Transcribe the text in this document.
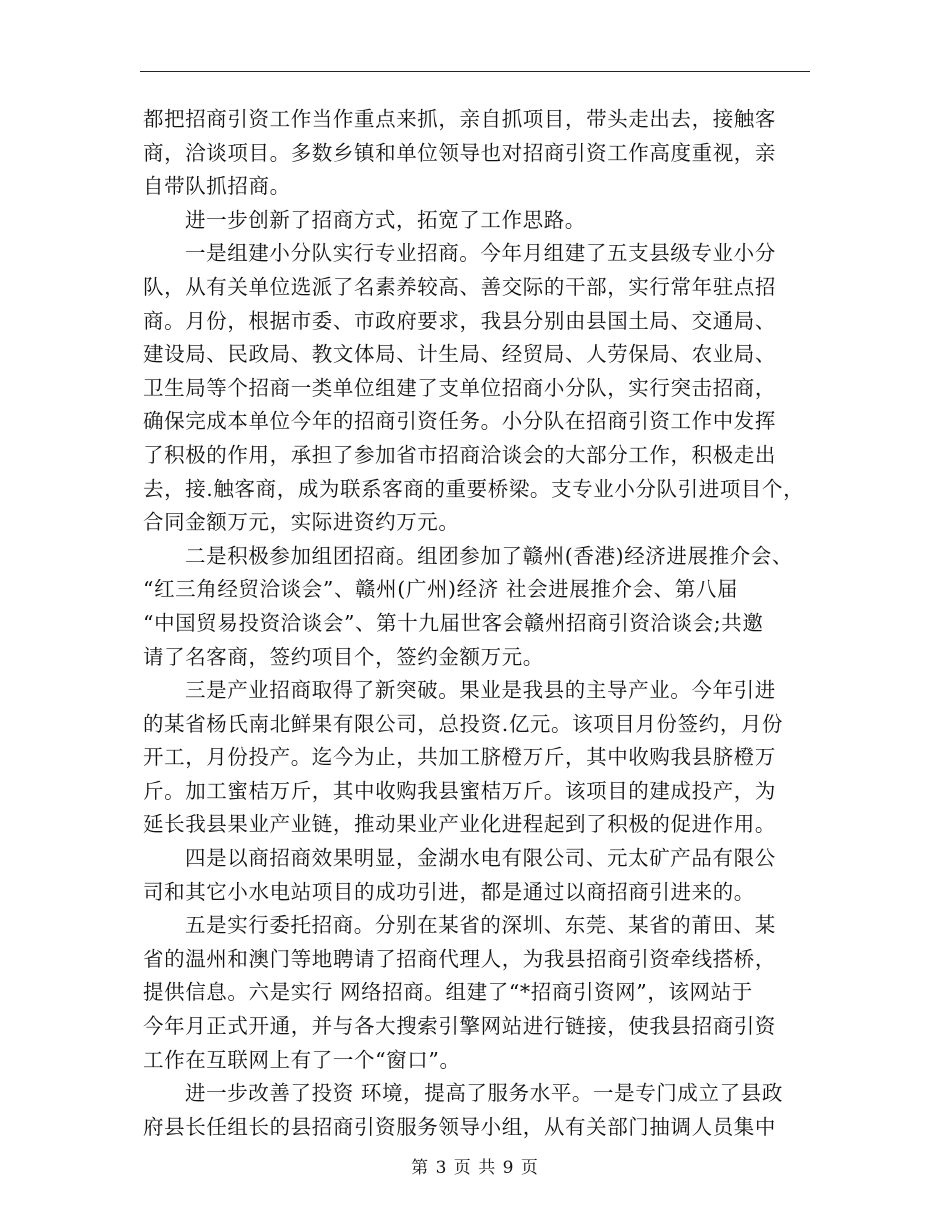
都把招商引资工作当作重点来抓，亲自抓项目，带头走出去，接触客
商，洽谈项目。多数乡镇和单位领导也对招商引资工作高度重视，亲
自带队抓招商。
进一步创新了招商方式，拓宽了工作思路。
一是组建小分队实行专业招商。今年月组建了五支县级专业小分
队，从有关单位选派了名素养较高、善交际的干部，实行常年驻点招
商。月份，根据市委、市政府要求，我县分别由县国土局、交通局、
建设局、民政局、教文体局、计生局、经贸局、人劳保局、农业局、
卫生局等个招商一类单位组建了支单位招商小分队，实行突击招商，
确保完成本单位今年的招商引资任务。小分队在招商引资工作中发挥
了积极的作用，承担了参加省市招商洽谈会的大部分工作，积极走出
去，接.触客商，成为联系客商的重要桥梁。支专业小分队引进项目个，
合同金额万元，实际进资约万元。
二是积极参加组团招商。组团参加了赣州(香港)经济进展推介会、
“红三角经贸洽谈会”、赣州(广州)经济 社会进展推介会、第八届
“中国贸易投资洽谈会”、第十九届世客会赣州招商引资洽谈会;共邀
请了名客商，签约项目个，签约金额万元。
三是产业招商取得了新突破。果业是我县的主导产业。今年引进
的某省杨氏南北鲜果有限公司，总投资.亿元。该项目月份签约，月份
开工，月份投产。迄今为止，共加工脐橙万斤，其中收购我县脐橙万
斤。加工蜜桔万斤，其中收购我县蜜桔万斤。该项目的建成投产，为
延长我县果业产业链，推动果业产业化进程起到了积极的促进作用。
四是以商招商效果明显，金湖水电有限公司、元太矿产品有限公
司和其它小水电站项目的成功引进，都是通过以商招商引进来的。
五是实行委托招商。分别在某省的深圳、东莞、某省的莆田、某
省的温州和澳门等地聘请了招商代理人，为我县招商引资牵线搭桥，
提供信息。六是实行 网络招商。组建了“*招商引资网”，该网站于
今年月正式开通，并与各大搜索引擎网站进行链接，使我县招商引资
工作在互联网上有了一个“窗口”。
进一步改善了投资 环境，提高了服务水平。一是专门成立了县政
府县长任组长的县招商引资服务领导小组，从有关部门抽调人员集中
第 3 页 共 9 页
